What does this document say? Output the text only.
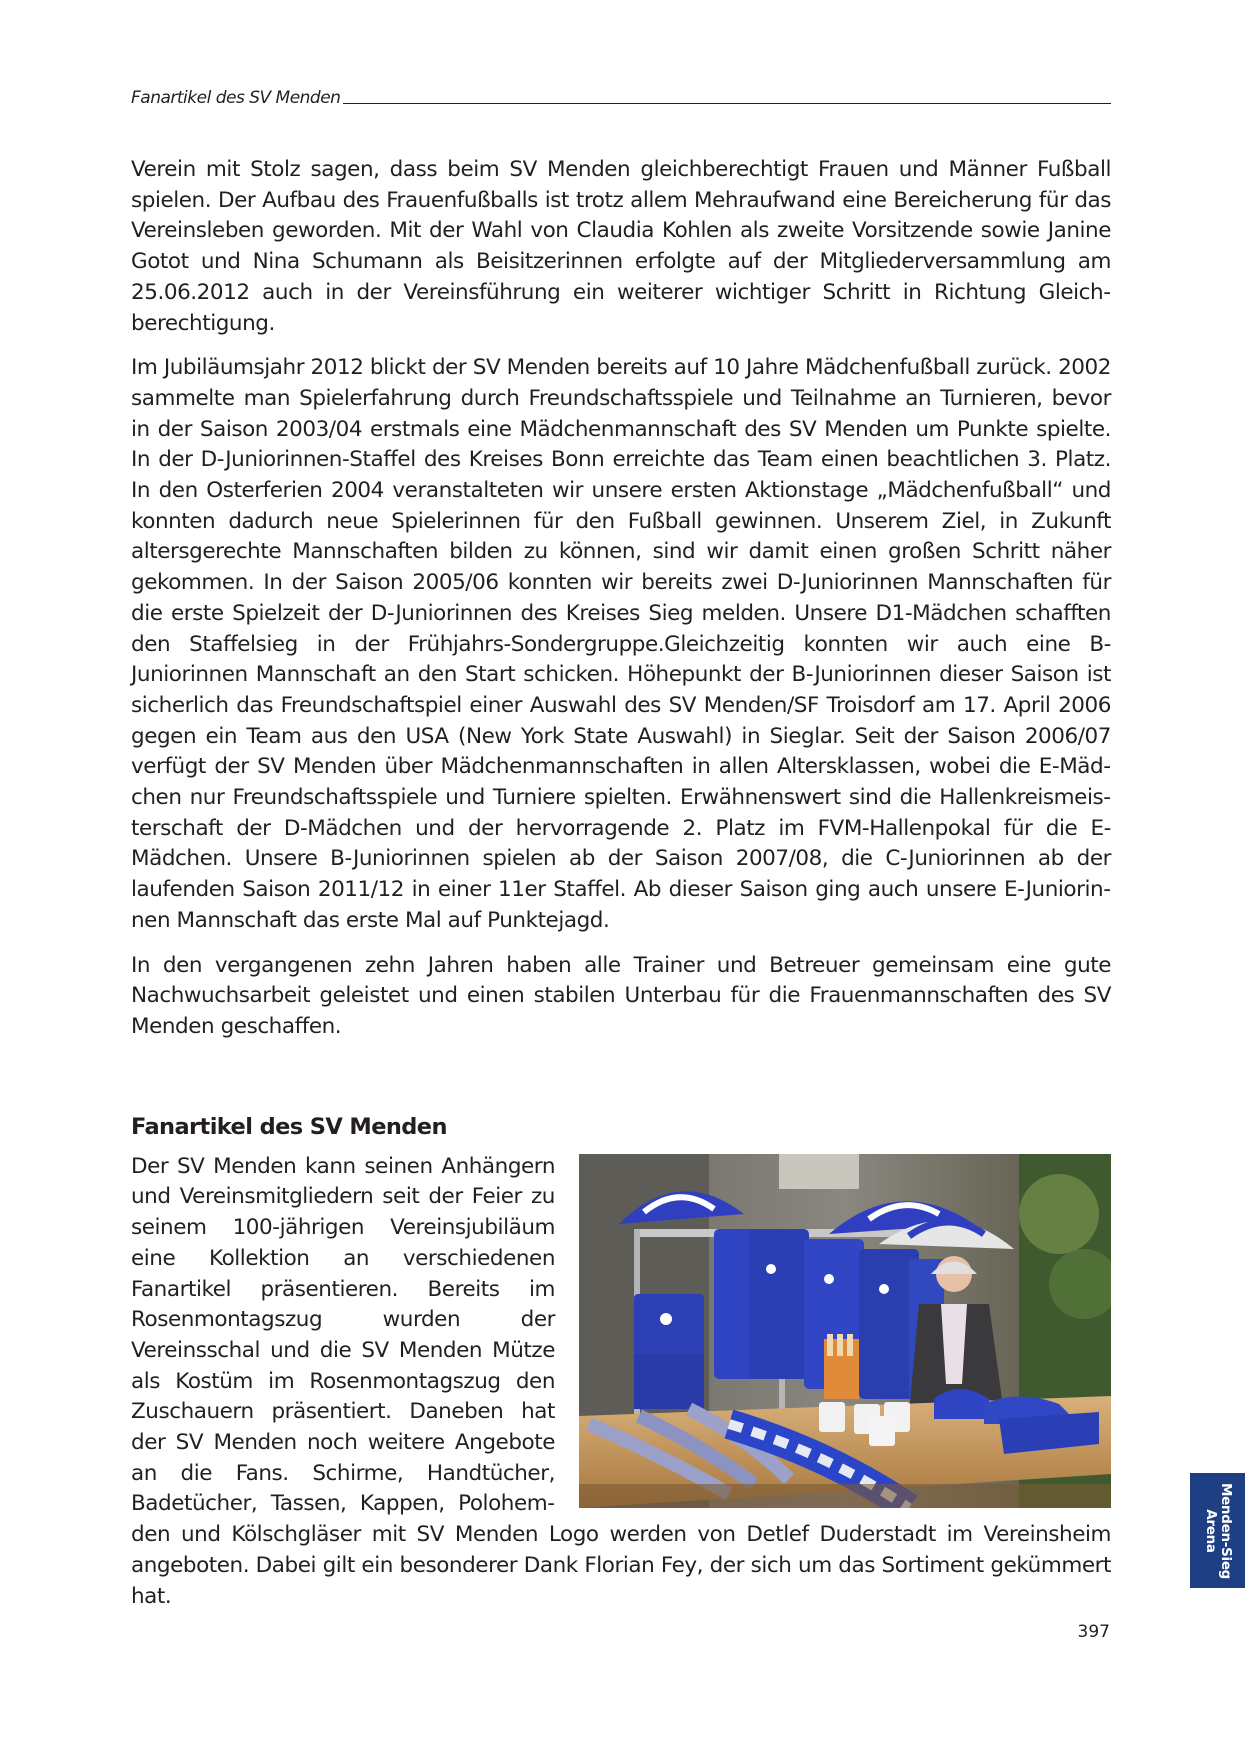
Fanartikel des SV Menden

Verein mit Stolz sagen, dass beim SV Menden gleichberechtigt Frauen und Männer Fußball spielen. Der Aufbau des Frauenfußballs ist trotz allem Mehraufwand eine Bereicherung für das Vereinsleben geworden. Mit der Wahl von Claudia Kohlen als zweite Vorsitzende sowie Janine Gotot und Nina Schumann als Beisitzerinnen erfolgte auf der Mitgliederversammlung am 25.06.2012 auch in der Vereinsführung ein weiterer wichtiger Schritt in Richtung Gleichberechtigung.

Im Jubiläumsjahr 2012 blickt der SV Menden bereits auf 10 Jahre Mädchenfußball zurück. 2002 sammelte man Spielerfahrung durch Freundschaftsspiele und Teilnahme an Turnieren, bevor in der Saison 2003/04 erstmals eine Mädchenmannschaft des SV Menden um Punkte spielte. In der D-Juniorinnen-Staffel des Kreises Bonn erreichte das Team einen beachtlichen 3. Platz. In den Osterferien 2004 veranstalteten wir unsere ersten Aktionstage „Mädchenfußball“ und konnten dadurch neue Spielerinnen für den Fußball gewinnen. Unserem Ziel, in Zukunft altersgerechte Mannschaften bilden zu können, sind wir damit einen großen Schritt näher gekommen. In der Saison 2005/06 konnten wir bereits zwei D-Juniorinnen Mannschaften für die erste Spielzeit der D-Juniorinnen des Kreises Sieg melden. Unsere D1-Mädchen schafften den Staffelsieg in der Frühjahrs-Sondergruppe.Gleichzeitig konnten wir auch eine B-Juniorinnen Mannschaft an den Start schicken. Höhepunkt der B-Juniorinnen dieser Saison ist sicherlich das Freundschaftspiel einer Auswahl des SV Menden/SF Troisdorf am 17. April 2006 gegen ein Team aus den USA (New York State Auswahl) in Sieglar. Seit der Saison 2006/07 verfügt der SV Menden über Mädchenmannschaften in allen Altersklassen, wobei die E-Mädchen nur Freundschaftsspiele und Turniere spielten. Erwähnenswert sind die Hallenkreismeisterschaft der D-Mädchen und der hervorragende 2. Platz im FVM-Hallenpokal für die E-Mädchen. Unsere B-Juniorinnen spielen ab der Saison 2007/08, die C-Juniorinnen ab der laufenden Saison 2011/12 in einer 11er Staffel. Ab dieser Saison ging auch unsere E-Juniorinnen Mannschaft das erste Mal auf Punktejagd.

In den vergangenen zehn Jahren haben alle Trainer und Betreuer gemeinsam eine gute Nachwuchsarbeit geleistet und einen stabilen Unterbau für die Frauenmannschaften des SV Menden geschaffen.

Fanartikel des SV Menden

Der SV Menden kann seinen Anhängern und Vereinsmitgliedern seit der Feier zu seinem 100-jährigen Vereinsjubiläum eine Kollektion an verschiedenen Fanartikel präsentieren. Bereits im Rosenmontagszug wurden der Vereinsschal und die SV Menden Mütze als Kostüm im Rosenmontagszug den Zuschauern präsentiert. Daneben hat der SV Menden noch weitere Angebote an die Fans. Schirme, Handtücher, Badetücher, Tassen, Kappen, Polohemden und Kölschgläser mit SV Menden Logo werden von Detlef Duderstadt im Vereinsheim angeboten. Dabei gilt ein besonderer Dank Florian Fey, der sich um das Sortiment gekümmert hat.

397
Menden-Sieg
Arena
